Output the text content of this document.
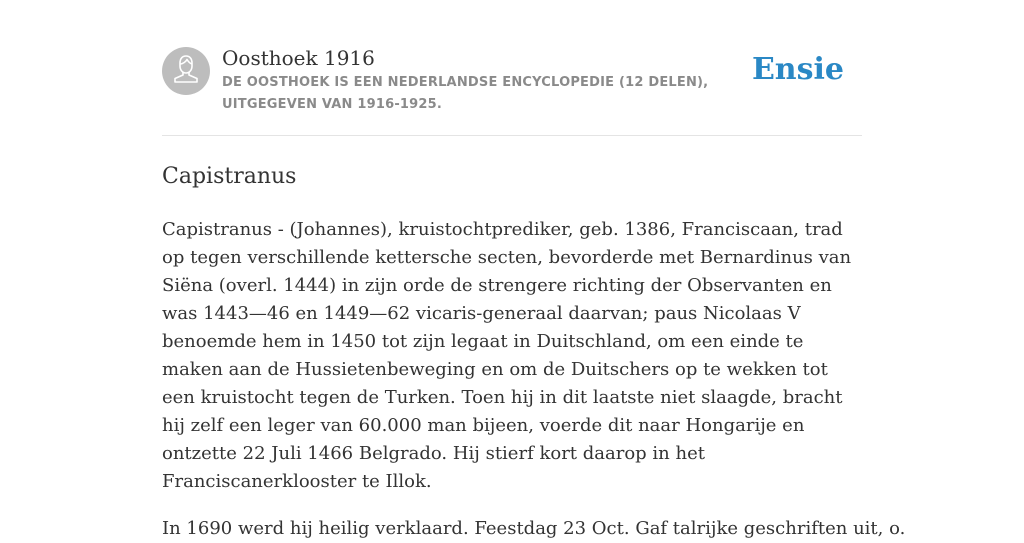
Oosthoek 1916

DE OOSTHOEK IS EEN NEDERLANDSE ENCYCLOPEDIE (12 DELEN), UITGEGEVEN VAN 1916-1925.

Ensie
Capistranus

Capistranus - (Johannes), kruistochtprediker, geb. 1386, Franciscaan, trad op tegen verschillende kettersche secten, bevorderde met Bernardinus van Siëna (overl. 1444) in zijn orde de strengere richting der Observanten en was 1443—46 en 1449—62 vicaris-generaal daarvan; paus Nicolaas V benoemde hem in 1450 tot zijn legaat in Duitschland, om een einde te maken aan de Hussietenbeweging en om de Duitschers op te wekken tot een kruistocht tegen de Turken. Toen hij in dit laatste niet slaagde, bracht hij zelf een leger van 60.000 man bijeen, voerde dit naar Hongarije en ontzette 22 Juli 1466 Belgrado. Hij stierf kort daarop in het Franciscanerklooster te Illok.

In 1690 werd hij heilig verklaard. Feestdag 23 Oct. Gaf talrijke geschriften uit, o.
